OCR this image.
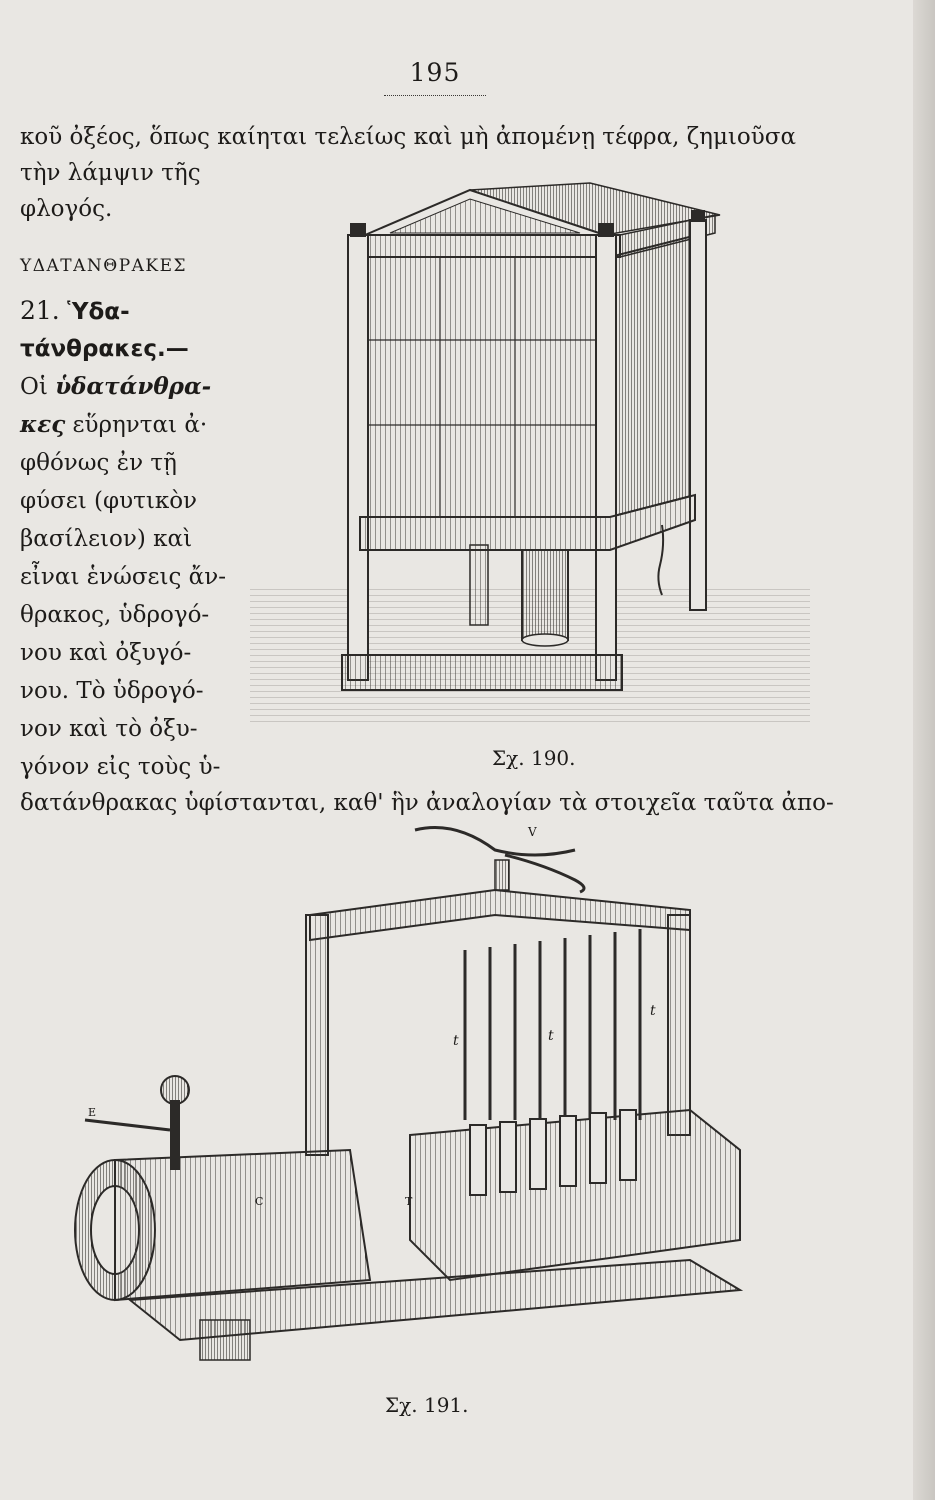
195
κοῦ ὀξέος, ὅπως καίηται τελείως καὶ μὴ ἀπομένῃ τέφρα, ζημιοῦσα
τὴν λάμψιν τῆς
φλογός.
ΥΔΑΤΑΝΘΡΑΚΕΣ
21. Ὑδα-
τάνθρακες.—
Οἱ ὑδατάνθρα-
κες εὕρηνται ἀ·
φθόνως ἐν τῇ
φύσει (φυτικὸν
βασίλειον) καὶ
εἶναι ἑνώσεις ἄν-
θρακος, ὑδρογό-
νου καὶ ὀξυγό-
νου. Τὸ ὑδρογό-
νον καὶ τὸ ὀξυ-
γόνον εἰς τοὺς ὑ-
δατάνθρακας ὑφίστανται, καθ' ἣν ἀναλογίαν τὰ στοιχεῖα ταῦτα ἀπο-
Σχ. 190.
V
E
C	T
t	t
t
Σχ. 191.
